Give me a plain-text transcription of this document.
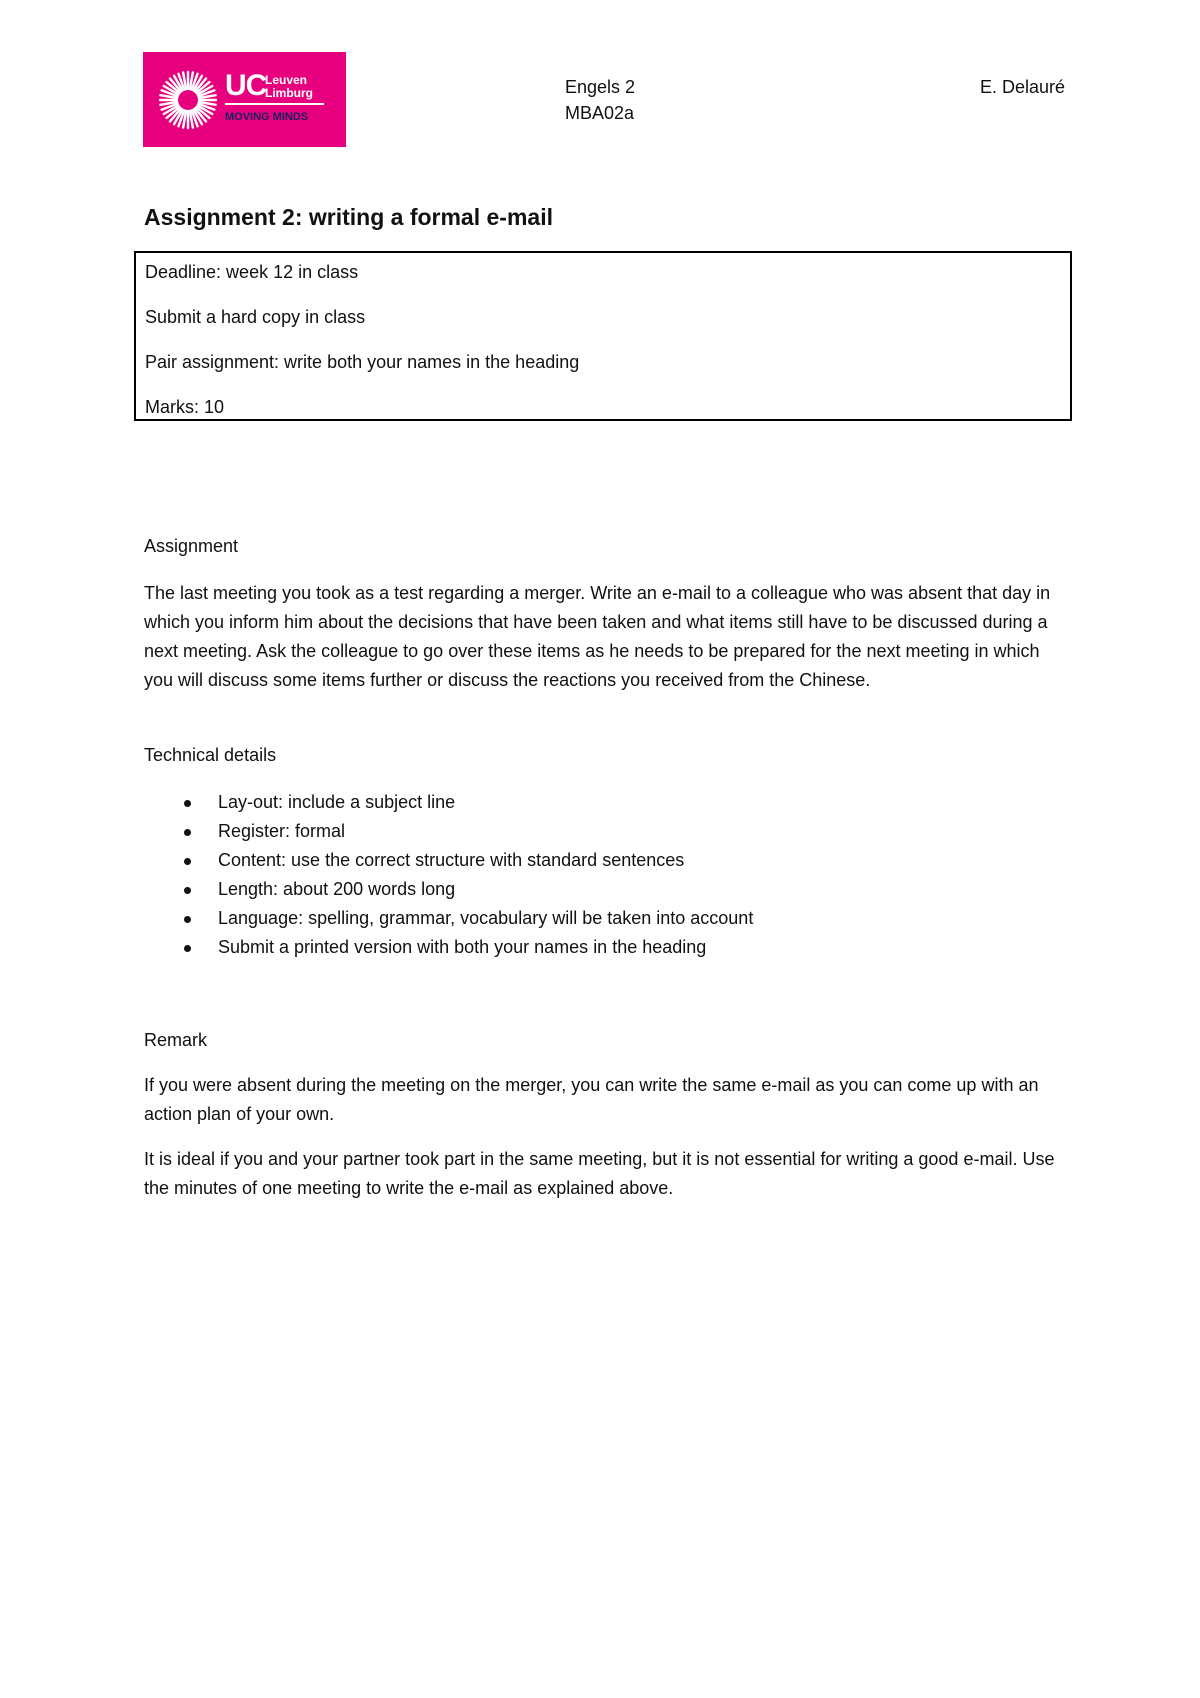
UC
Leuven
Limburg
MOVING MINDS
Engels 2
MBA02a
E. Delauré
Assignment 2: writing a formal e-mail
Deadline: week 12 in class
Submit a hard copy in class
Pair assignment: write both your names in the heading
Marks: 10
Assignment
The last meeting you took as a test regarding a merger. Write an e-mail to a colleague who was absent that day in which you inform him about the decisions that have been taken and what items still have to be discussed during a next meeting. Ask the colleague to go over these items as he needs to be prepared for the next meeting in which you will discuss some items further or discuss the reactions you received from the Chinese.
Technical details
Lay-out: include a subject line
Register: formal
Content: use the correct structure with standard sentences
Length: about 200 words long
Language: spelling, grammar, vocabulary will be taken into account
Submit a printed version with both your names in the heading
Remark
If you were absent during the meeting on the merger, you can write the same e-mail as you can come up with an action plan of your own.
It is ideal if you and your partner took part in the same meeting, but it is not essential for writing a good e-mail. Use the minutes of one meeting to write the e-mail as explained above.
